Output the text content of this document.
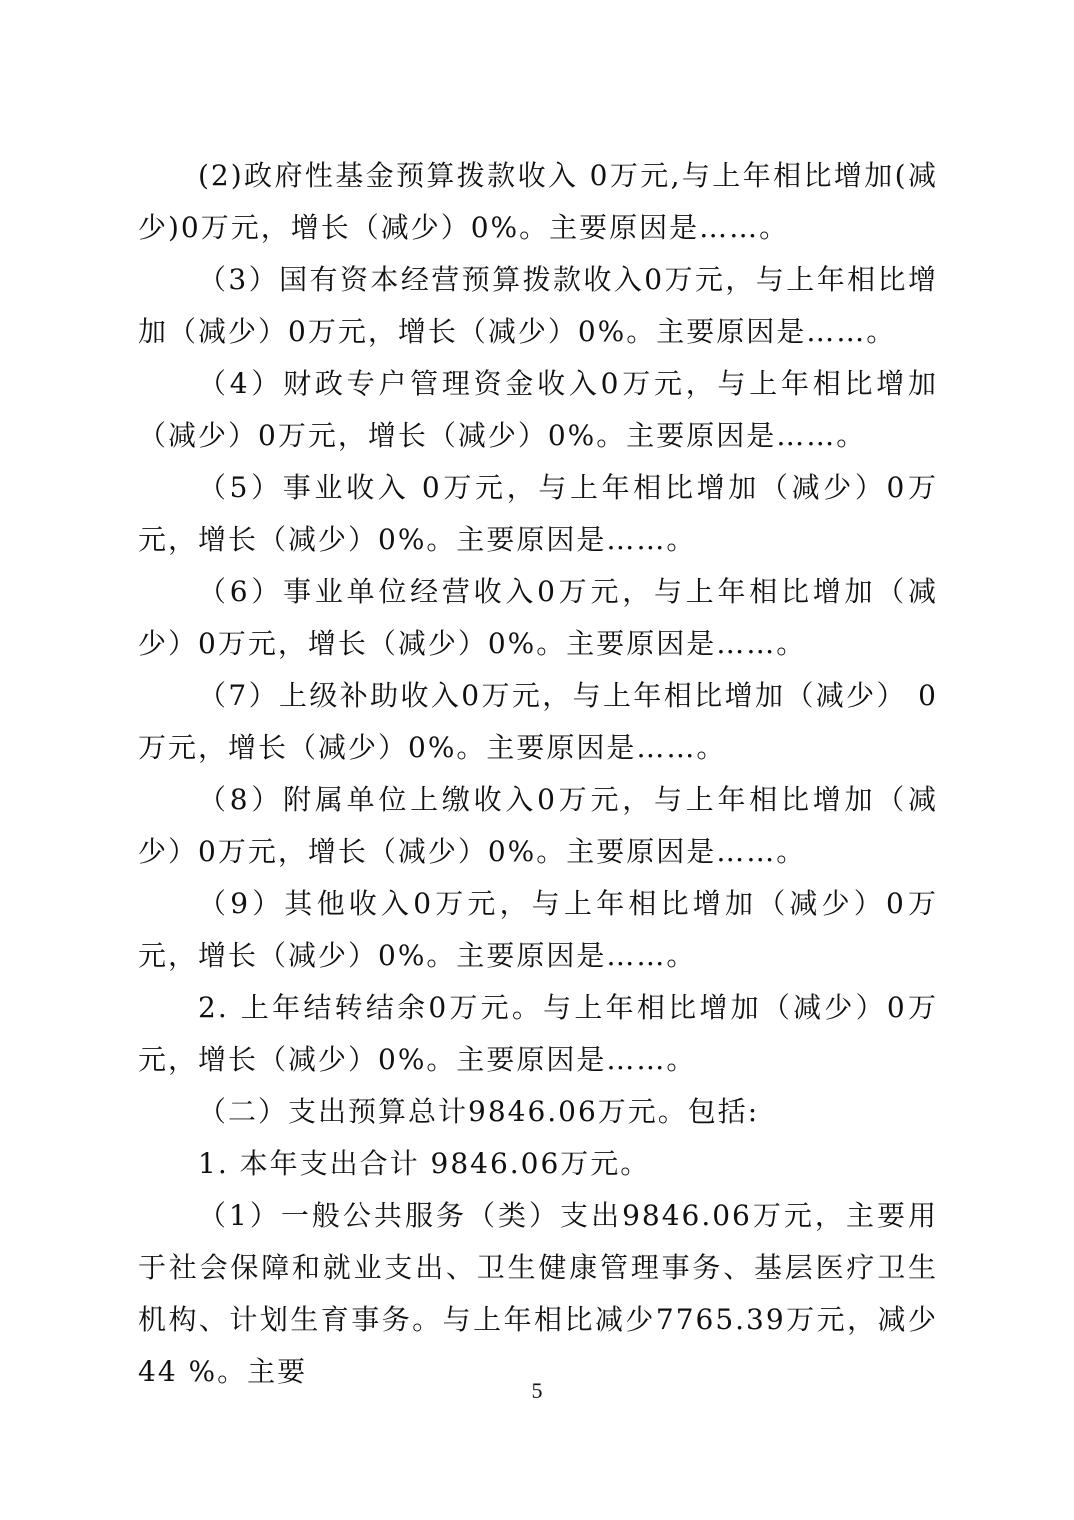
(2)政府性基金预算拨款收入 0万元,与上年相比增加(减少)0万元，增长（减少）0%。主要原因是……。

（3）国有资本经营预算拨款收入0万元，与上年相比增加（减少）0万元，增长（减少）0%。主要原因是……。

（4）财政专户管理资金收入0万元，与上年相比增加（减少）0万元，增长（减少）0%。主要原因是……。

（5）事业收入 0万元，与上年相比增加（减少）0万元，增长（减少）0%。主要原因是……。

（6）事业单位经营收入0万元，与上年相比增加（减少）0万元，增长（减少）0%。主要原因是……。

（7）上级补助收入0万元，与上年相比增加（减少） 0万元，增长（减少）0%。主要原因是……。

（8）附属单位上缴收入0万元，与上年相比增加（减少）0万元，增长（减少）0%。主要原因是……。

（9）其他收入0万元，与上年相比增加（减少）0万元，增长（减少）0%。主要原因是……。

2. 上年结转结余0万元。与上年相比增加（减少）0万元，增长（减少）0%。主要原因是……。

（二）支出预算总计9846.06万元。包括:

1. 本年支出合计 9846.06万元。

（1）一般公共服务（类）支出9846.06万元，主要用于社会保障和就业支出、卫生健康管理事务、基层医疗卫生机构、计划生育事务。与上年相比减少7765.39万元，减少44 %。主要

5
